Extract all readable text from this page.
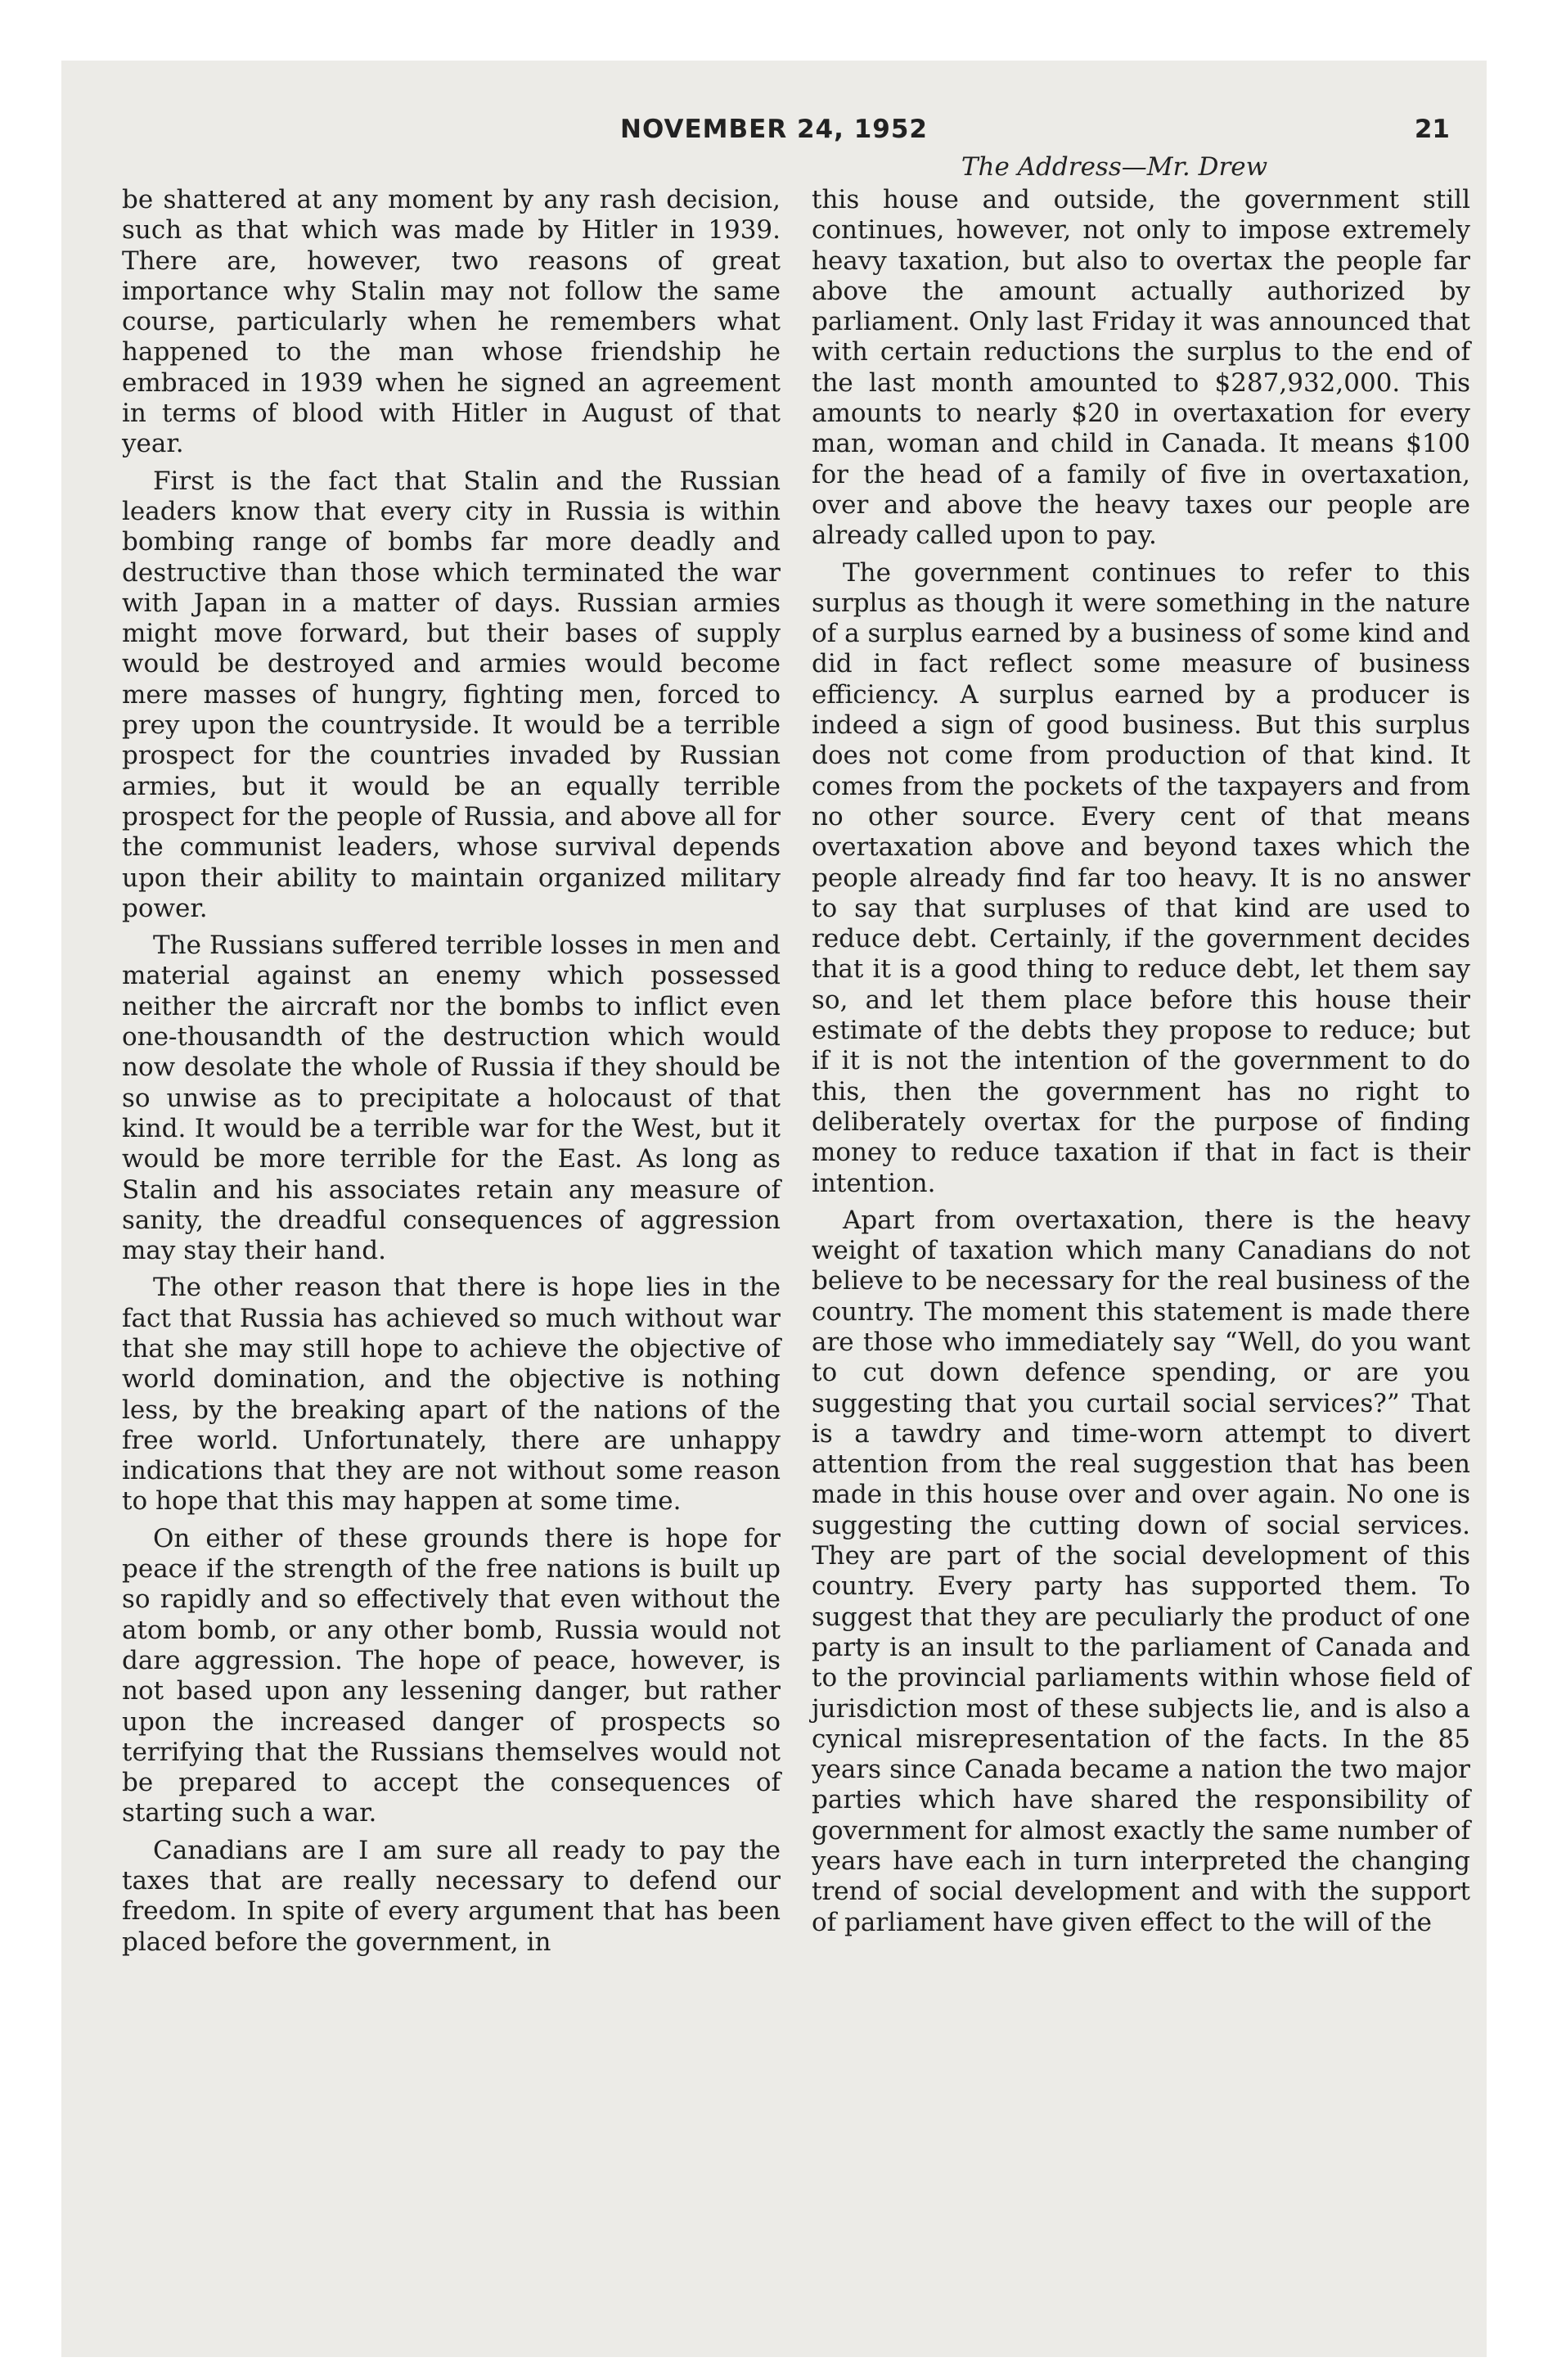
NOVEMBER 24, 1952	21
The Address—Mr. Drew

be shattered at any moment by any rash decision, such as that which was made by Hitler in 1939. There are, however, two reasons of great importance why Stalin may not follow the same course, particularly when he remembers what happened to the man whose friendship he embraced in 1939 when he signed an agreement in terms of blood with Hitler in August of that year.

First is the fact that Stalin and the Russian leaders know that every city in Russia is within bombing range of bombs far more deadly and destructive than those which terminated the war with Japan in a matter of days. Russian armies might move forward, but their bases of supply would be destroyed and armies would become mere masses of hungry, fighting men, forced to prey upon the countryside. It would be a terrible prospect for the countries invaded by Russian armies, but it would be an equally terrible prospect for the people of Russia, and above all for the communist leaders, whose survival depends upon their ability to maintain organized military power.

The Russians suffered terrible losses in men and material against an enemy which possessed neither the aircraft nor the bombs to inflict even one-thousandth of the destruction which would now desolate the whole of Russia if they should be so unwise as to precipitate a holocaust of that kind. It would be a terrible war for the West, but it would be more terrible for the East. As long as Stalin and his associates retain any measure of sanity, the dreadful consequences of aggression may stay their hand.

The other reason that there is hope lies in the fact that Russia has achieved so much without war that she may still hope to achieve the objective of world domination, and the objective is nothing less, by the breaking apart of the nations of the free world. Unfortunately, there are unhappy indications that they are not without some reason to hope that this may happen at some time.

On either of these grounds there is hope for peace if the strength of the free nations is built up so rapidly and so effectively that even without the atom bomb, or any other bomb, Russia would not dare aggression. The hope of peace, however, is not based upon any lessening danger, but rather upon the increased danger of prospects so terrifying that the Russians themselves would not be prepared to accept the consequences of starting such a war.

Canadians are I am sure all ready to pay the taxes that are really necessary to defend our freedom. In spite of every argument that has been placed before the government, in

this house and outside, the government still continues, however, not only to impose extremely heavy taxation, but also to overtax the people far above the amount actually authorized by parliament. Only last Friday it was announced that with certain reductions the surplus to the end of the last month amounted to $287,932,000. This amounts to nearly $20 in overtaxation for every man, woman and child in Canada. It means $100 for the head of a family of five in overtaxation, over and above the heavy taxes our people are already called upon to pay.

The government continues to refer to this surplus as though it were something in the nature of a surplus earned by a business of some kind and did in fact reflect some measure of business efficiency. A surplus earned by a producer is indeed a sign of good business. But this surplus does not come from production of that kind. It comes from the pockets of the taxpayers and from no other source. Every cent of that means overtaxation above and beyond taxes which the people already find far too heavy. It is no answer to say that surpluses of that kind are used to reduce debt. Certainly, if the government decides that it is a good thing to reduce debt, let them say so, and let them place before this house their estimate of the debts they propose to reduce; but if it is not the intention of the government to do this, then the government has no right to deliberately overtax for the purpose of finding money to reduce taxation if that in fact is their intention.

Apart from overtaxation, there is the heavy weight of taxation which many Canadians do not believe to be necessary for the real business of the country. The moment this statement is made there are those who immediately say “Well, do you want to cut down defence spending, or are you suggesting that you curtail social services?” That is a tawdry and time-worn attempt to divert attention from the real suggestion that has been made in this house over and over again. No one is suggesting the cutting down of social services. They are part of the social development of this country. Every party has supported them. To suggest that they are peculiarly the product of one party is an insult to the parliament of Canada and to the provincial parliaments within whose field of jurisdiction most of these subjects lie, and is also a cynical misrepresentation of the facts. In the 85 years since Canada became a nation the two major parties which have shared the responsibility of government for almost exactly the same number of years have each in turn interpreted the changing trend of social development and with the support of parliament have given effect to the will of the
